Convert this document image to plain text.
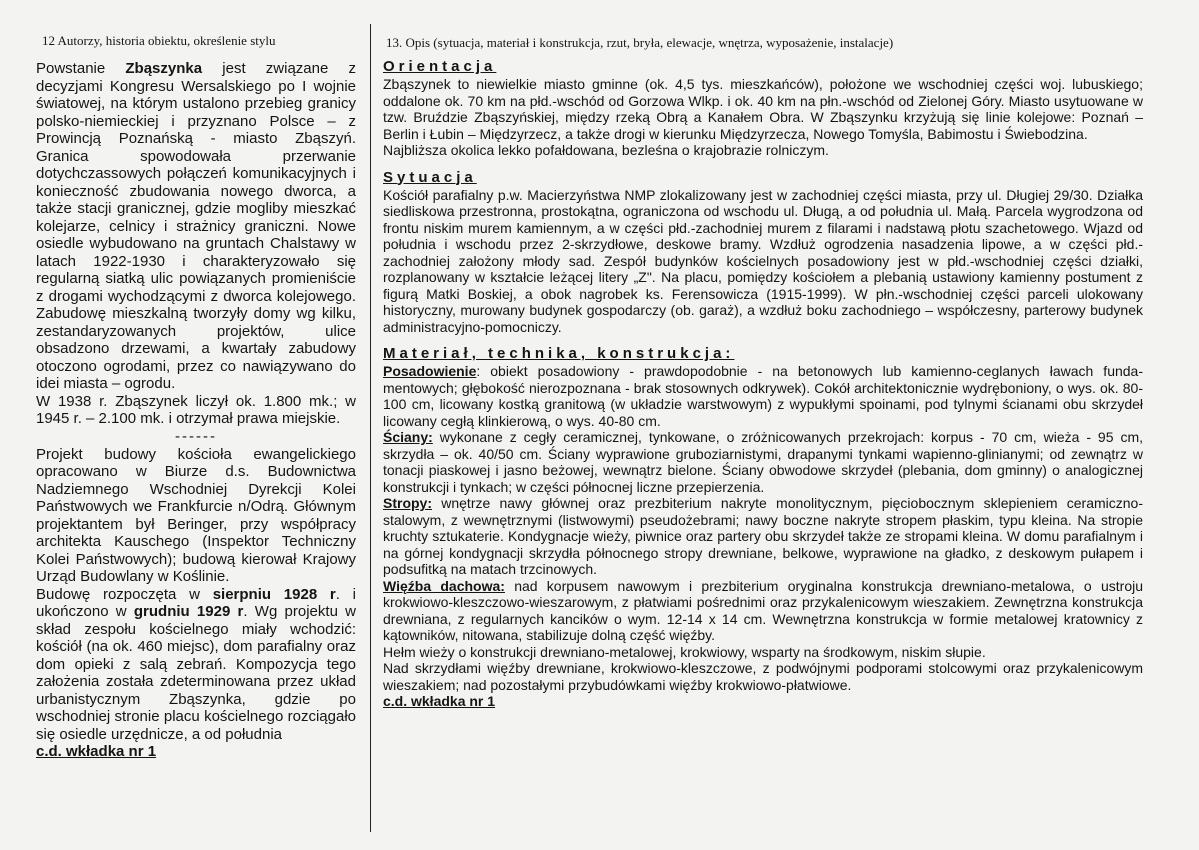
12 Autorzy, historia obiektu, określenie stylu	13. Opis (sytuacja, materiał i konstrukcja, rzut, bryła, elewacje, wnętrza, wyposażenie, instalacje)

Powstanie Zbąszynka jest związane z decyzjami Kongresu Wersalskiego po I wojnie światowej, na którym ustalono przebieg granicy polsko-niemieckiej i przyznano Polsce – z Prowincją Poznańską - miasto Zbąszyń. Granica spowodowała przerwanie dotychczassowych połączeń komunikacyjnych i konieczność zbudowania nowego dworca, a także stacji granicznej, gdzie mogliby mieszkać kolejarze, celnicy i strażnicy graniczni. Nowe osiedle wybudowano na gruntach Chalstawy w latach 1922-1930 i charakteryzowało się regularną siatką ulic powiązanych promieniście z drogami wychodzącymi z dworca kolejowego. Zabudowę mieszkalną tworzyły domy wg kilku, zestandaryzowanych projektów, ulice obsadzono drzewami, a kwartały zabudowy otoczono ogrodami, przez co nawiązywano do idei miasta – ogrodu.

W 1938 r. Zbąszynek liczył ok. 1.800 mk.; w 1945 r. – 2.100 mk. i otrzymał prawa miejskie.

------

Projekt budowy kościoła ewangelickiego opracowano w Biurze d.s. Budownictwa Nadziemnego Wschodniej Dyrekcji Kolei Państwowych we Frankfurcie n/Odrą. Głównym projektantem był Beringer, przy współpracy architekta Kauschego (Inspektor Techniczny Kolei Państwowych); budową kierował Krajowy Urząd Budowlany w Koślinie.

Budowę rozpoczęta w sierpniu 1928 r. i ukończono w grudniu 1929 r. Wg projektu w skład zespołu kościelnego miały wchodzić: kościół (na ok. 460 miejsc), dom parafialny oraz dom opieki z salą zebrań. Kompozycja tego założenia została zdeterminowana przez układ urbanistycznym Zbąszynka, gdzie po wschodniej stronie placu kościelnego rozciągało się osiedle urzędnicze, a od południa

c.d. wkładka nr 1

Orientacja

Zbąszynek to niewielkie miasto gminne (ok. 4,5 tys. mieszkańców), położone we wschodniej części woj. lubuskiego; oddalone ok. 70 km na płd.-wschód od Gorzowa Wlkp. i ok. 40 km na płn.-wschód od Zielonej Góry. Miasto usytuowane w tzw. Bruździe Zbąszyńskiej, między rzeką Obrą a Kanałem Obra. W Zbąszynku krzyżują się linie kolejowe: Poznań – Berlin i Łubin – Międzyrzecz, a także drogi w kierunku Międzyrzecza, Nowego Tomyśla, Babimostu i Świebodzina.

Najbliższa okolica lekko pofałdowana, bezleśna o krajobrazie rolniczym.

Sytuacja

Kościół parafialny p.w. Macierzyństwa NMP zlokalizowany jest w zachodniej części miasta, przy ul. Długiej 29/30. Działka siedliskowa przestronna, prostokątna, ograniczona od wschodu ul. Długą, a od południa ul. Małą. Parcela wygrodzona od frontu niskim murem kamiennym, a w części płd.-zachodniej murem z filarami i nadstawą płotu szachetowego. Wjazd od południa i wschodu przez 2-skrzydłowe, deskowe bramy. Wzdłuż ogrodzenia nasadzenia lipowe, a w części płd.-zachodniej założony młody sad. Zespół budynków kościelnych posadowiony jest w płd.-wschodniej części działki, rozplanowany w kształcie leżącej litery „Z". Na placu, pomiędzy kościołem a plebanią ustawiony kamienny postument z figurą Matki Boskiej, a obok nagrobek ks. Ferensowicza (1915-1999). W płn.-wschodniej części parceli ulokowany historyczny, murowany budynek gospodarczy (ob. garaż), a wzdłuż boku zachodniego – współczesny, parterowy budynek administracyjno-pomocniczy.

Materiał, technika, konstrukcja:

Posadowienie: obiekt posadowiony - prawdopodobnie - na betonowych lub kamienno-ceglanych ławach funda-mentowych; głębokość nierozpoznana - brak stosownych odkrywek). Cokół architektonicznie wydręboniony, o wys. ok. 80-100 cm, licowany kostką granitową (w układzie warstwowym) z wypukłymi spoinami, pod tylnymi ścianami obu skrzydeł licowany cegłą klinkierową, o wys. 40-80 cm.

Ściany: wykonane z cegły ceramicznej, tynkowane, o zróżnicowanych przekrojach: korpus - 70 cm, wieża - 95 cm, skrzydła – ok. 40/50 cm. Ściany wyprawione gruboziarnistymi, drapanymi tynkami wapienno-glinianymi; od zewnątrz w tonacji piaskowej i jasno beżowej, wewnątrz bielone. Ściany obwodowe skrzydeł (plebania, dom gminny) o analogicznej konstrukcji i tynkach; w części północnej liczne przepierzenia.

Stropy: wnętrze nawy głównej oraz prezbiterium nakryte monolitycznym, pięciobocznym sklepieniem ceramiczno-stalowym, z wewnętrznymi (listwowymi) pseudożebrami; nawy boczne nakryte stropem płaskim, typu kleina. Na stropie kruchty sztukaterie. Kondygnacje wieży, piwnice oraz partery obu skrzydeł także ze stropami kleina. W domu parafialnym i na górnej kondygnacji skrzydła północnego stropy drewniane, belkowe, wyprawione na gładko, z deskowym pułapem i podsufitką na matach trzcinowych.

Więźba dachowa: nad korpusem nawowym i prezbiterium oryginalna konstrukcja drewniano-metalowa, o ustroju krokwiowo-kleszczowo-wieszarowym, z płatwiami pośrednimi oraz przykalenicowym wieszakiem. Zewnętrzna konstrukcja drewniana, z regularnych kancików o wym. 12-14 x 14 cm. Wewnętrzna konstrukcja w formie metalowej kratownicy z kątowników, nitowana, stabilizuje dolną część więźby.

Hełm wieży o konstrukcji drewniano-metalowej, krokwiowy, wsparty na środkowym, niskim słupie.

Nad skrzydłami więźby drewniane, krokwiowo-kleszczowe, z podwójnymi podporami stolcowymi oraz przykalenicowym wieszakiem; nad pozostałymi przybudówkami więźby krokwiowo-płatwiowe.

c.d. wkładka nr 1
